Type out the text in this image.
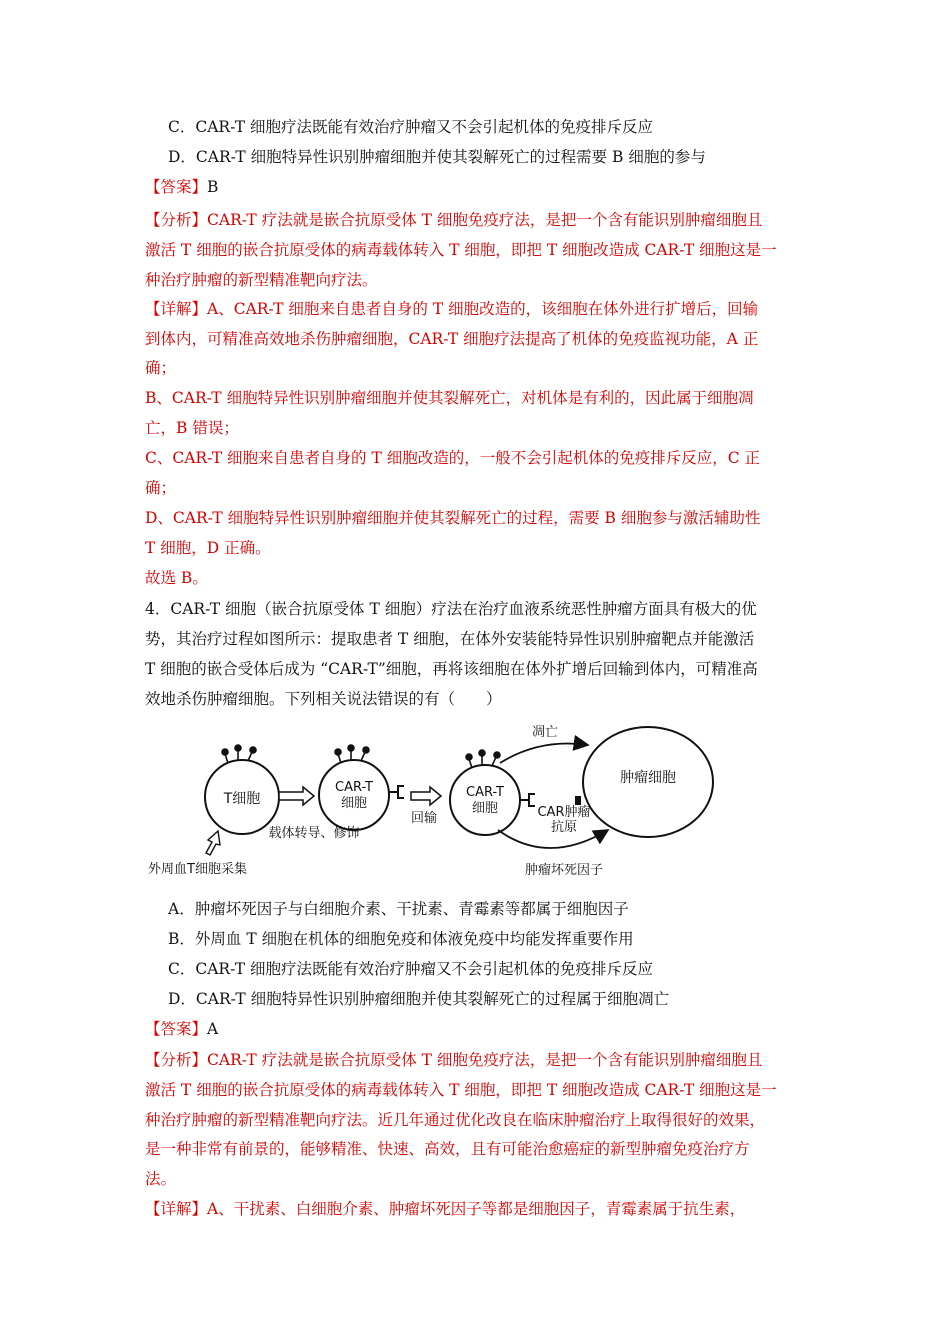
C．CAR-T 细胞疗法既能有效治疗肿瘤又不会引起机体的免疫排斥反应
D．CAR-T 细胞特异性识别肿瘤细胞并使其裂解死亡的过程需要 B 细胞的参与
【答案】B
【分析】CAR-T 疗法就是嵌合抗原受体 T 细胞免疫疗法，是把一个含有能识别肿瘤细胞且
激活 T 细胞的嵌合抗原受体的病毒载体转入 T 细胞，即把 T 细胞改造成 CAR-T 细胞这是一
种治疗肿瘤的新型精准靶向疗法。
【详解】A、CAR-T 细胞来自患者自身的 T 细胞改造的，该细胞在体外进行扩增后，回输
到体内，可精准高效地杀伤肿瘤细胞，CAR-T 细胞疗法提高了机体的免疫监视功能，A 正
确；
B、CAR-T 细胞特异性识别肿瘤细胞并使其裂解死亡，对机体是有利的，因此属于细胞凋
亡，B 错误；
C、CAR-T 细胞来自患者自身的 T 细胞改造的，一般不会引起机体的免疫排斥反应，C 正
确；
D、CAR-T 细胞特异性识别肿瘤细胞并使其裂解死亡的过程，需要 B 细胞参与激活辅助性
T 细胞，D 正确。
故选 B。
4．CAR-T 细胞（嵌合抗原受体 T 细胞）疗法在治疗血液系统恶性肿瘤方面具有极大的优
势，其治疗过程如图所示：提取患者 T 细胞，在体外安装能特异性识别肿瘤靶点并能激活
T 细胞的嵌合受体后成为 “CAR-T”细胞，再将该细胞在体外扩增后回输到体内，可精准高
效地杀伤肿瘤细胞。下列相关说法错误的有（　　）
T细胞
CAR-T
细胞
CAR-T
细胞
肿瘤细胞
凋亡
肿瘤坏死因子
载体转导、修饰
回输	CAR肿瘤
抗原
外周血T细胞采集
A．肿瘤坏死因子与白细胞介素、干扰素、青霉素等都属于细胞因子
B．外周血 T 细胞在机体的细胞免疫和体液免疫中均能发挥重要作用
C．CAR-T 细胞疗法既能有效治疗肿瘤又不会引起机体的免疫排斥反应
D．CAR-T 细胞特异性识别肿瘤细胞并使其裂解死亡的过程属于细胞凋亡
【答案】A
【分析】CAR-T 疗法就是嵌合抗原受体 T 细胞免疫疗法，是把一个含有能识别肿瘤细胞且
激活 T 细胞的嵌合抗原受体的病毒载体转入 T 细胞，即把 T 细胞改造成 CAR-T 细胞这是一
种治疗肿瘤的新型精准靶向疗法。近几年通过优化改良在临床肿瘤治疗上取得很好的效果，
是一种非常有前景的，能够精准、快速、高效，且有可能治愈癌症的新型肿瘤免疫治疗方
法。
【详解】A、干扰素、白细胞介素、肿瘤坏死因子等都是细胞因子，青霉素属于抗生素，
